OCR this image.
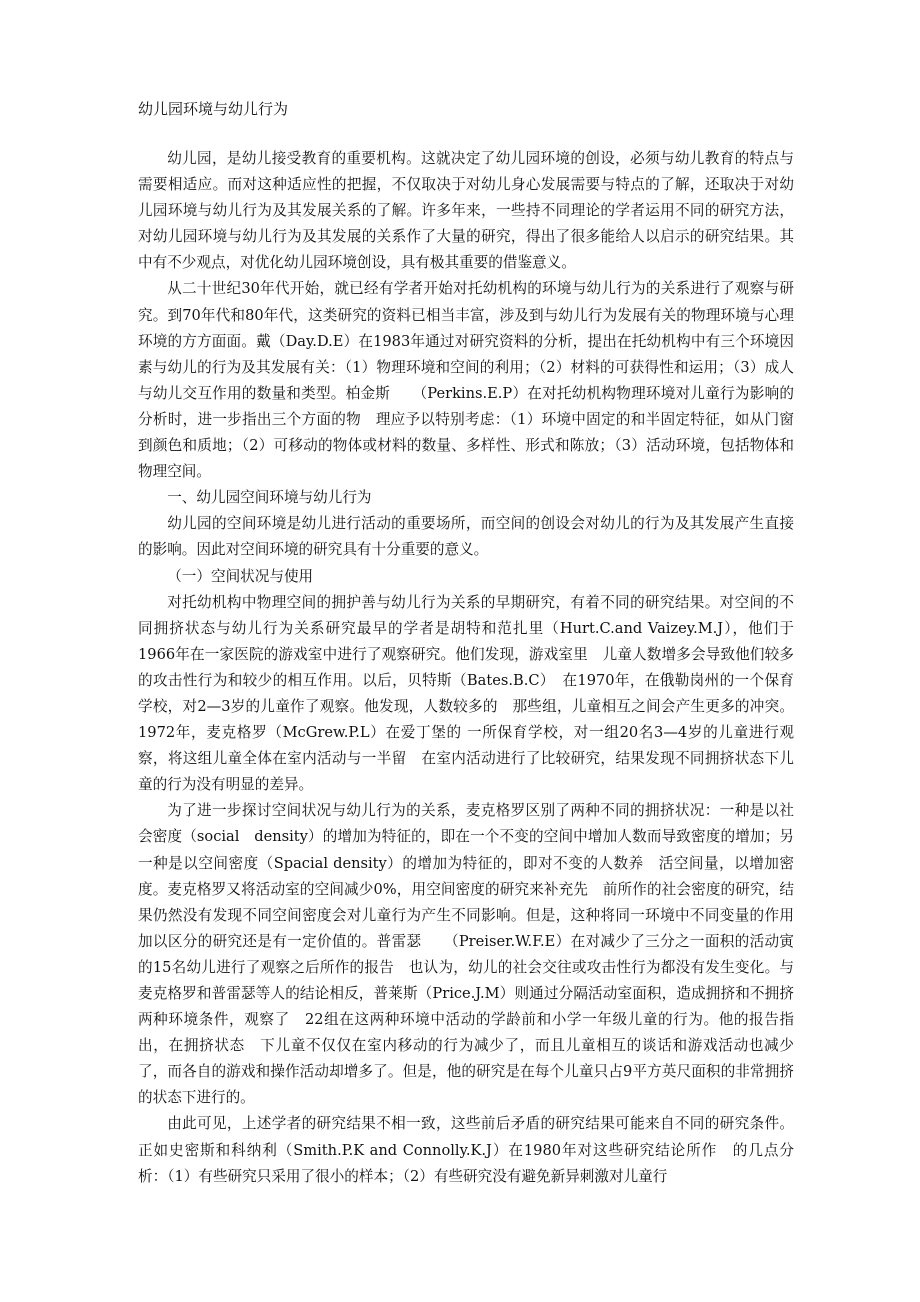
幼儿园环境与幼儿行为

幼儿园，是幼儿接受教育的重要机构。这就决定了幼儿园环境的创设，必须与幼儿教育的特点与需要相适应。而对这种适应性的把握，不仅取决于对幼儿身心发展需要与特点的了解，还取决于对幼儿园环境与幼儿行为及其发展关系的了解。许多年来，一些持不同理论的学者运用不同的研究方法，对幼儿园环境与幼儿行为及其发展的关系作了大量的研究，得出了很多能给人以启示的研究结果。其中有不少观点，对优化幼儿园环境创设，具有极其重要的借鉴意义。

从二十世纪30年代开始，就已经有学者开始对托幼机构的环境与幼儿行为的关系进行了观察与研究。到70年代和80年代，这类研究的资料已相当丰富，涉及到与幼儿行为发展有关的物理环境与心理环境的方方面面。戴（Day.D.E）在1983年通过对研究资料的分析，提出在托幼机构中有三个环境因素与幼儿的行为及其发展有关：（1）物理环境和空间的利用；（2）材料的可获得性和运用；（3）成人与幼儿交互作用的数量和类型。柏金斯　　（Perkins.E.P）在对托幼机构物理环境对儿童行为影响的分析时，进一步指出三个方面的物　理应予以特别考虑：（1）环境中固定的和半固定特征，如从门窗到颜色和质地；（2）可移动的物体或材料的数量、多样性、形式和陈放；（3）活动环境，包括物体和物理空间。

一、幼儿园空间环境与幼儿行为

幼儿园的空间环境是幼儿进行活动的重要场所，而空间的创设会对幼儿的行为及其发展产生直接的影响。因此对空间环境的研究具有十分重要的意义。

（一）空间状况与使用

对托幼机构中物理空间的拥护善与幼儿行为关系的早期研究，有着不同的研究结果。对空间的不同拥挤状态与幼儿行为关系研究最早的学者是胡特和范扎里（Hurt.C.and Vaizey.M.J），他们于1966年在一家医院的游戏室中进行了观察研究。他们发现，游戏室里　儿童人数增多会导致他们较多的攻击性行为和较少的相互作用。以后，贝特斯（Bates.B.C）　在1970年，在俄勒岗州的一个保育学校，对2—3岁的儿童作了观察。他发现，人数较多的　那些组，儿童相互之间会产生更多的冲突。1972年，麦克格罗（McGrew.P.L）在爱丁堡的 一所保育学校，对一组20名3—4岁的儿童进行观察，将这组儿童全体在室内活动与一半留　在室内活动进行了比较研究，结果发现不同拥挤状态下儿童的行为没有明显的差异。

为了进一步探讨空间状况与幼儿行为的关系，麦克格罗区别了两种不同的拥挤状况：一种是以社会密度（social　density）的增加为特征的，即在一个不变的空间中增加人数而导致密度的增加；另一种是以空间密度（Spacial density）的增加为特征的，即对不变的人数养　活空间量，以增加密度。麦克格罗又将活动室的空间减少0%，用空间密度的研究来补充先　前所作的社会密度的研究，结果仍然没有发现不同空间密度会对儿童行为产生不同影响。但是，这种将同一环境中不同变量的作用加以区分的研究还是有一定价值的。普雷瑟　　（Preiser.W.F.E）在对减少了三分之一面积的活动寅的15名幼儿进行了观察之后所作的报告　也认为，幼儿的社会交往或攻击性行为都没有发生变化。与麦克格罗和普雷瑟等人的结论相反，普莱斯（Price.J.M）则通过分隔活动室面积，造成拥挤和不拥挤两种环境条件，观察了　22组在这两种环境中活动的学龄前和小学一年级儿童的行为。他的报告指出，在拥挤状态　下儿童不仅仅在室内移动的行为减少了，而且儿童相互的谈话和游戏活动也减少了，而各自的游戏和操作活动却增多了。但是，他的研究是在每个儿童只占9平方英尺面积的非常拥挤的状态下进行的。

由此可见，上述学者的研究结果不相一致，这些前后矛盾的研究结果可能来自不同的研究条件。正如史密斯和科纳利（Smith.P.K and Connolly.K.J）在1980年对这些研究结论所作　的几点分析：（1）有些研究只采用了很小的样本；（2）有些研究没有避免新异刺激对儿童行
